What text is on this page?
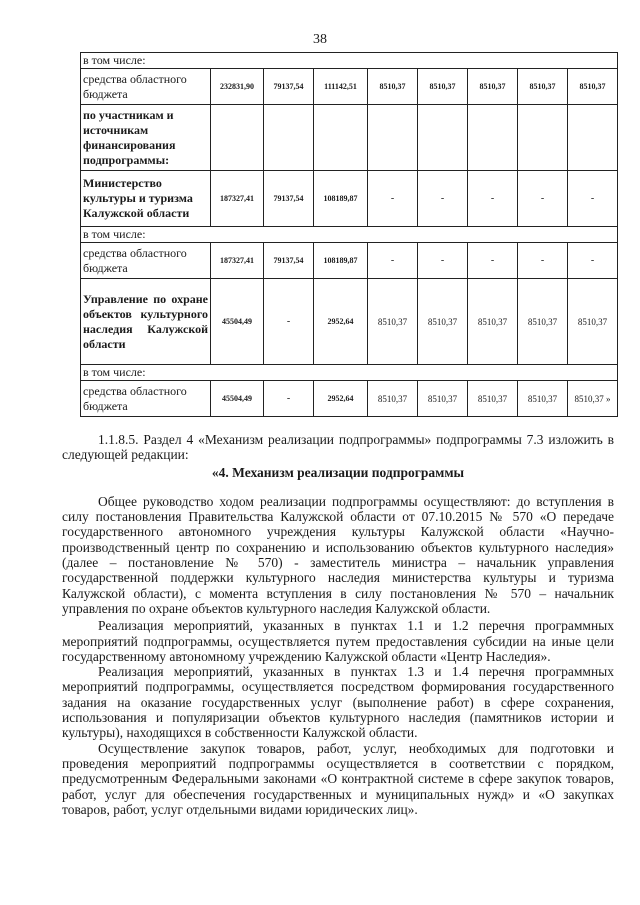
38
в том числе:								
средства областного бюджета	232831,90	79137,54	111142,51	8510,37	8510,37	8510,37	8510,37	8510,37
по участникам и источникам финансирования подпрограммы:								
Министерство культуры и туризма Калужской области	187327,41	79137,54	108189,87	-	-	-	-	-
в том числе:								
средства областного бюджета	187327,41	79137,54	108189,87	-	-	-	-	-
Управление по охране объектов культурного наследия Калужской области	45504,49	-	2952,64	8510,37	8510,37	8510,37	8510,37	8510,37
в том числе:								
средства областного бюджета	45504,49	-	2952,64	8510,37	8510,37	8510,37	8510,37	8510,37 »

1.1.8.5. Раздел 4 «Механизм реализации подпрограммы» подпрограммы 7.3 изложить в следующей редакции:

«4. Механизм реализации подпрограммы

Общее руководство ходом реализации подпрограммы осуществляют: до вступления в силу постановления Правительства Калужской области от 07.10.2015 № 570 «О передаче государственного автономного учреждения культуры Калужской области «Научно-производственный центр по сохранению и использованию объектов культурного наследия» (далее – постановление № 570) - заместитель министра – начальник управления государственной поддержки культурного наследия министерства культуры и туризма Калужской области), с момента вступления в силу постановления № 570 – начальник управления по охране объектов культурного наследия Калужской области.

Реализация мероприятий, указанных в пунктах 1.1 и 1.2 перечня программных мероприятий подпрограммы, осуществляется путем предоставления субсидии на иные цели государственному автономному учреждению Калужской области «Центр Наследия».

Реализация мероприятий, указанных в пунктах 1.3 и 1.4 перечня программных мероприятий подпрограммы, осуществляется посредством формирования государственного задания на оказание государственных услуг (выполнение работ) в сфере сохранения, использования и популяризации объектов культурного наследия (памятников истории и культуры), находящихся в собственности Калужской области.

Осуществление закупок товаров, работ, услуг, необходимых для подготовки и проведения мероприятий подпрограммы осуществляется в соответствии с порядком, предусмотренным Федеральными законами «О контрактной системе в сфере закупок товаров, работ, услуг для обеспечения государственных и муниципальных нужд» и «О закупках товаров, работ, услуг отдельными видами юридических лиц».
